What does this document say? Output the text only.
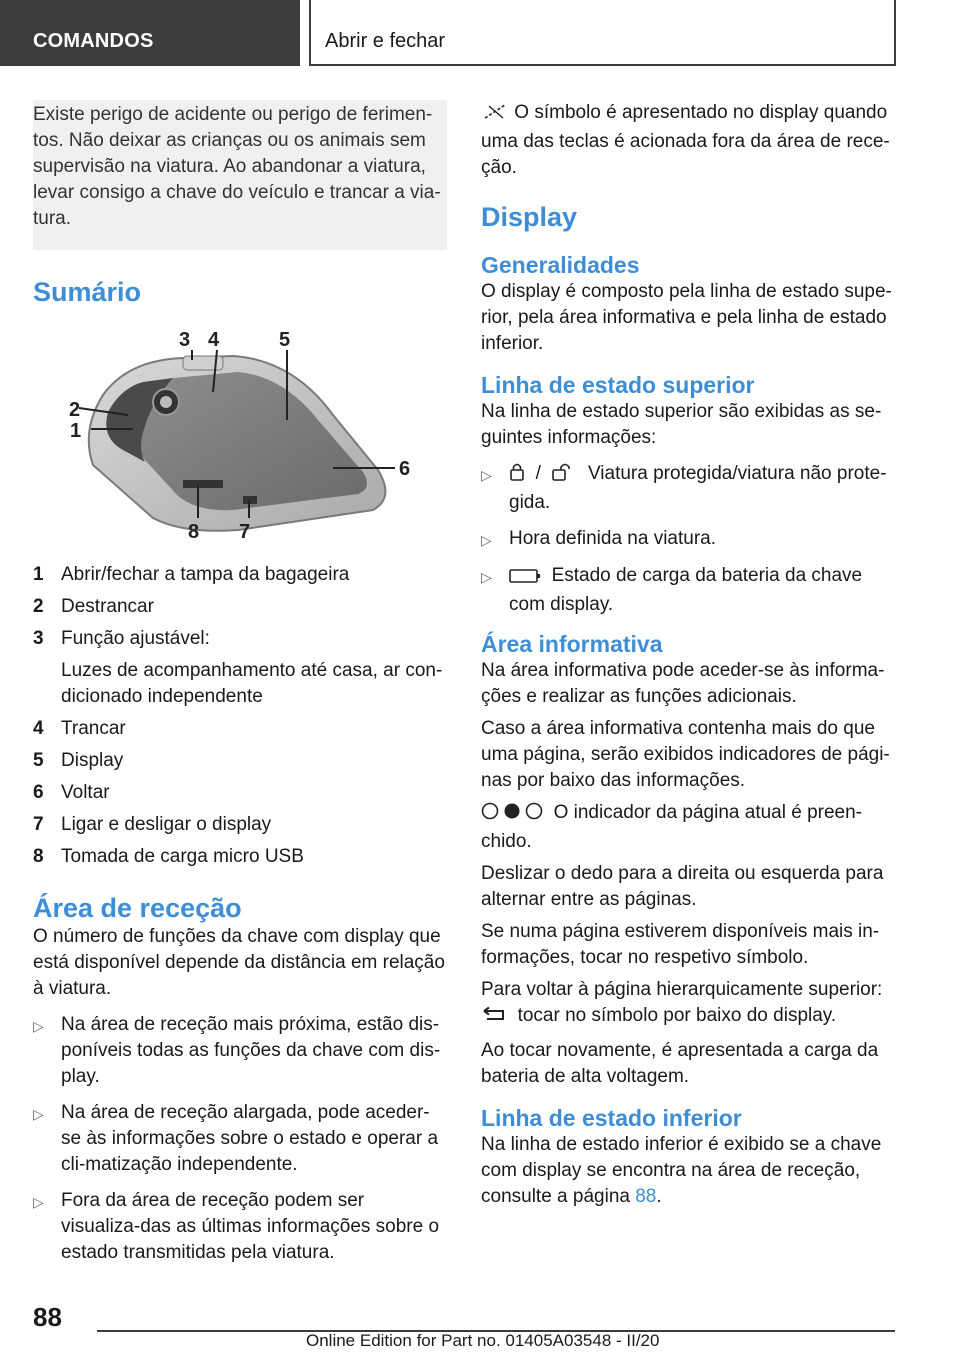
COMANDOS	Abrir e fechar

Existe perigo de acidente ou perigo de ferimen-tos. Não deixar as crianças ou os animais sem supervisão na viatura. Ao abandonar a viatura, levar consigo a chave do veículo e trancar a via-tura.

Sumário
1
2
3 4	5
6
7
8
1 Abrir/fechar a tampa da bagageira
2 Destrancar
3 Função ajustável:
Luzes de acompanhamento até casa, ar con-dicionado independente
4 Trancar
5 Display
6 Voltar
7 Ligar e desligar o display
8 Tomada de carga micro USB
Área de receção

O número de funções da chave com display que está disponível depende da distância em relação à viatura.

▷ Na área de receção mais próxima, estão dis-poníveis todas as funções da chave com dis-play.
▷ Na área de receção alargada, pode aceder-se às informações sobre o estado e operar a cli-matização independente.
▷ Fora da área de receção podem ser visualiza-das as últimas informações sobre o estado transmitidas pela viatura.

O símbolo é apresentado no display quando uma das teclas é acionada fora da área de rece-ção.

Display
Generalidades

O display é composto pela linha de estado supe-rior, pela área informativa e pela linha de estado inferior.

Linha de estado superior

Na linha de estado superior são exibidas as se-guintes informações:

▷	/ Viatura protegida/viatura não prote-gida.
▷ Hora definida na viatura.
▷	Estado de carga da bateria da chave com display.
Área informativa

Na área informativa pode aceder-se às informa-ções e realizar as funções adicionais.

Caso a área informativa contenha mais do que uma página, serão exibidos indicadores de pági-nas por baixo das informações.

O indicador da página atual é preen-chido.

Deslizar o dedo para a direita ou esquerda para alternar entre as páginas.

Se numa página estiverem disponíveis mais in-formações, tocar no respetivo símbolo.

Para voltar à página hierarquicamente superior:
tocar no símbolo por baixo do display.

Ao tocar novamente, é apresentada a carga da bateria de alta voltagem.

Linha de estado inferior

Na linha de estado inferior é exibido se a chave com display se encontra na área de receção, consulte a página 88.

88
Online Edition for Part no. 01405A03548 - II/20
